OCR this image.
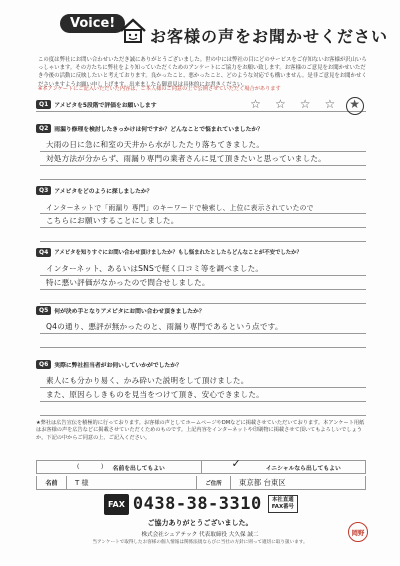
Voice!
お客様の声をお聞かせください
この度は弊社にお問い合わせいただき誠にありがとうございました。世の中には弊社の目にどのサービスをご存知ないお客様が沢山いらっしゃいます。その方たちに弊社をより知っていただくためのアンケートにご協力をお願い致します。お客様のご意見をお聞かせいただき今後の活動に反映したいと考えております。良かったこと、悪かったこと、どのような対応でも構いません。是非ご意見をお聞かせくださいますようお願い申し上げます。出来ましたら御意見は具体的にお書きください。
※本アンケートにご記入いただいた内容は、ご本人様のご同意の上で公開させていただく場合があります
Q1	アメピタを5段階で評価をお願いします	☆ ☆ ☆ ☆ ★
Q2	雨漏り修理を検討したきっかけは何ですか？どんなことで悩まれていましたか？
大雨の日に急に和室の天井から水がしたたり落ちてきました。
対処方法が分からず、雨漏り専門の業者さんに見て頂きたいと思っていました。
Q3	アメピタをどのように探しましたか？
インターネットで「雨漏り 専門」のキーワードで検索し、上位に表示されていたので
こちらにお願いすることにしました。
Q4	アメピタを知りすぐにお問い合わせ頂けましたか？もし悩まれたとしたらどんなことが不安でしたか？
インターネット、あるいはSNSで軽く口コミ等を調べました。
特に悪い評価がなかったので問合せしました。
Q5	何が決め手となりアメピタにお問い合わせ頂きましたか？
Q4の通り、悪評が無かったのと、雨漏り専門であるという点です。
Q6	実際に弊社担当者がお伺いしていかがでしたか？
素人にも分かり易く、かみ砕いた説明をして頂けました。
また、原因らしきものを見当をつけて頂き、安心できました。
★弊社は広告宣伝を積極的に行っております。お客様の声としてホームページやDMなどに掲載させていただいております。本アンケート用紙はお客様の声を広告などに掲載させていただくためのものです。上記内容をインターネットや印刷物に掲載させて頂いてもよろしいでしょうか。下記の中からご同意の上、ご記入ください。
(	) 名前を出してもよい	✓	イニシャルなら出してもよい
名前	T 様	ご住所	東京都 台東区
FAX 0438-38-3310	本社直通
FAX番号
ご協力ありがとうございました。
株式会社シェアテック 代表取締役 大久保 誠二
当アンケートで取得したお客様の個人情報は関係法規ならびに当社の方針に則って適切に取り扱います。
岡野
